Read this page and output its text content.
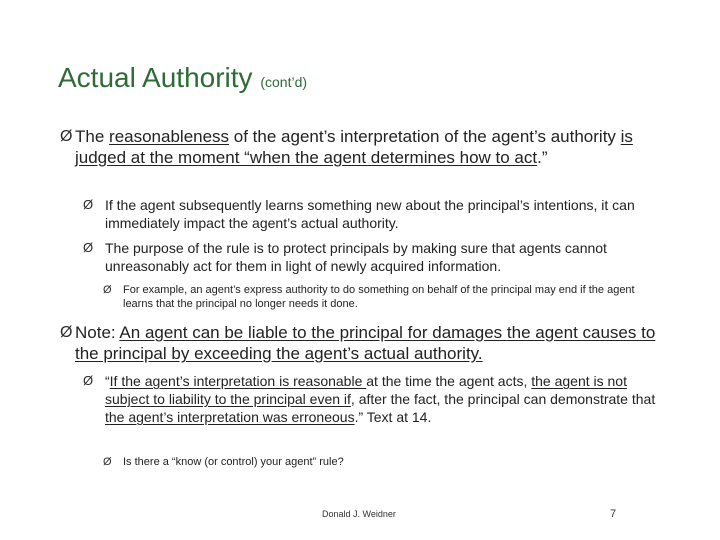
Actual Authority (cont’d)
Ø The reasonableness of the agent’s interpretation of the agent’s authority is judged at the moment “when the agent determines how to act.”
Ø If the agent subsequently learns something new about the principal’s intentions, it can immediately impact the agent’s actual authority.
Ø The purpose of the rule is to protect principals by making sure that agents cannot unreasonably act for them in light of newly acquired information.
Ø	For example, an agent’s express authority to do something on behalf of the principal may end if the agent learns that the principal no longer needs it done.
Ø Note: An agent can be liable to the principal for damages the agent causes to the principal by exceeding the agent’s actual authority.
Ø “If the agent’s interpretation is reasonable at the time the agent acts, the agent is not subject to liability to the principal even if, after the fact, the principal can demonstrate that the agent’s interpretation was erroneous.” Text at 14.
Ø	Is there a “know (or control) your agent” rule?
Donald J. Weidner	7
